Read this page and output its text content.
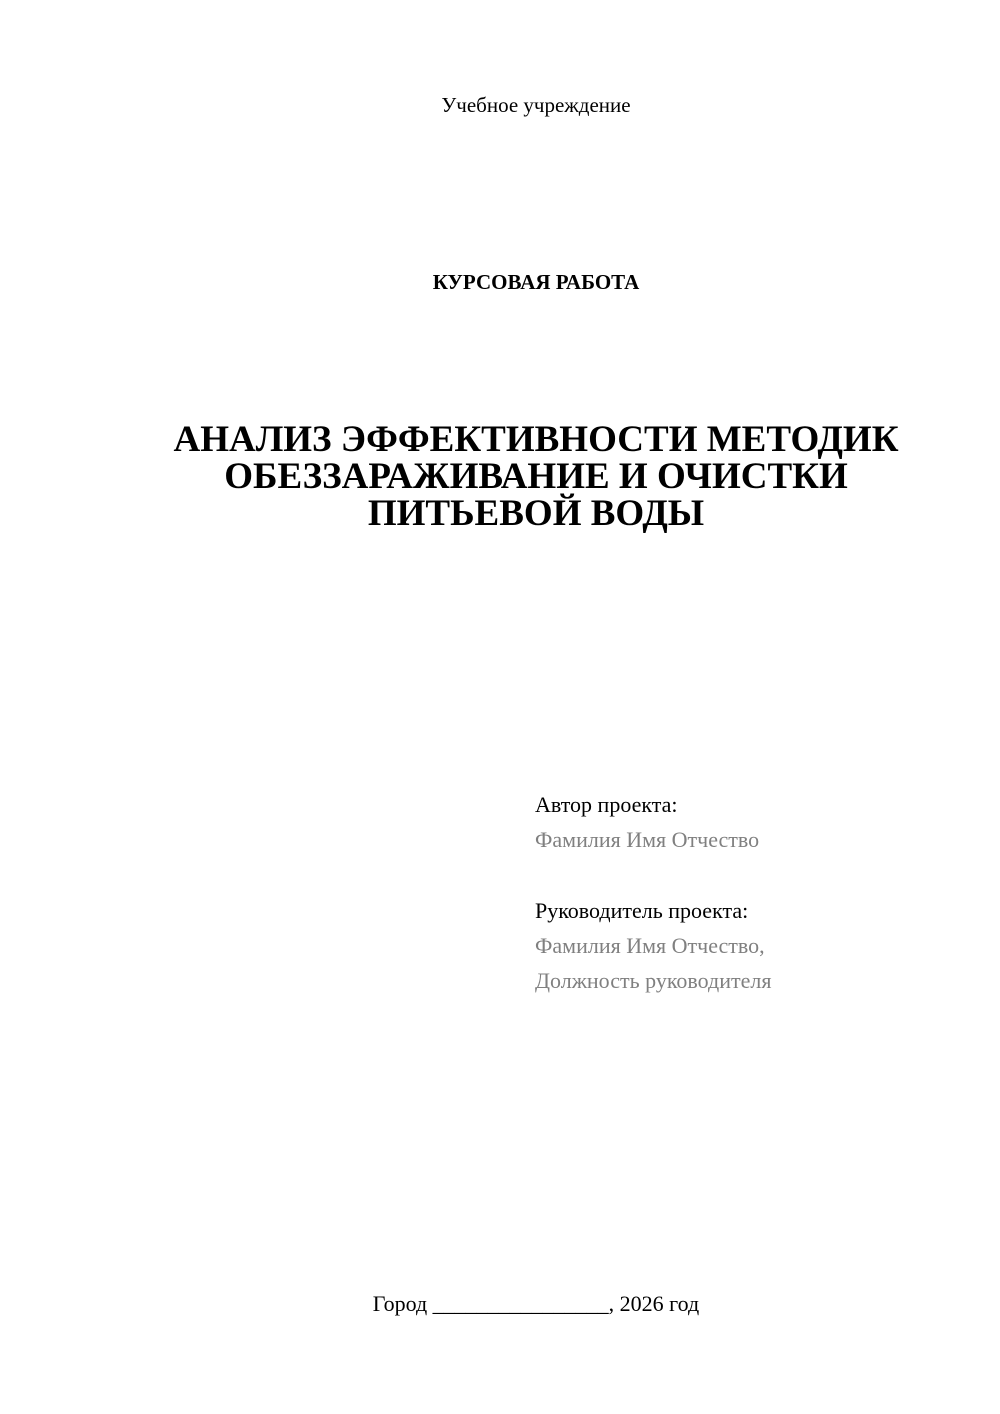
Учебное учреждение
КУРСОВАЯ РАБОТА
АНАЛИЗ ЭФФЕКТИВНОСТИ МЕТОДИК
ОБЕЗЗАРАЖИВАНИЕ И ОЧИСТКИ
ПИТЬЕВОЙ ВОДЫ
Автор проекта:
Фамилия Имя Отчество
Руководитель проекта:
Фамилия Имя Отчество,
Должность руководителя
Город ________________, 2026 год
